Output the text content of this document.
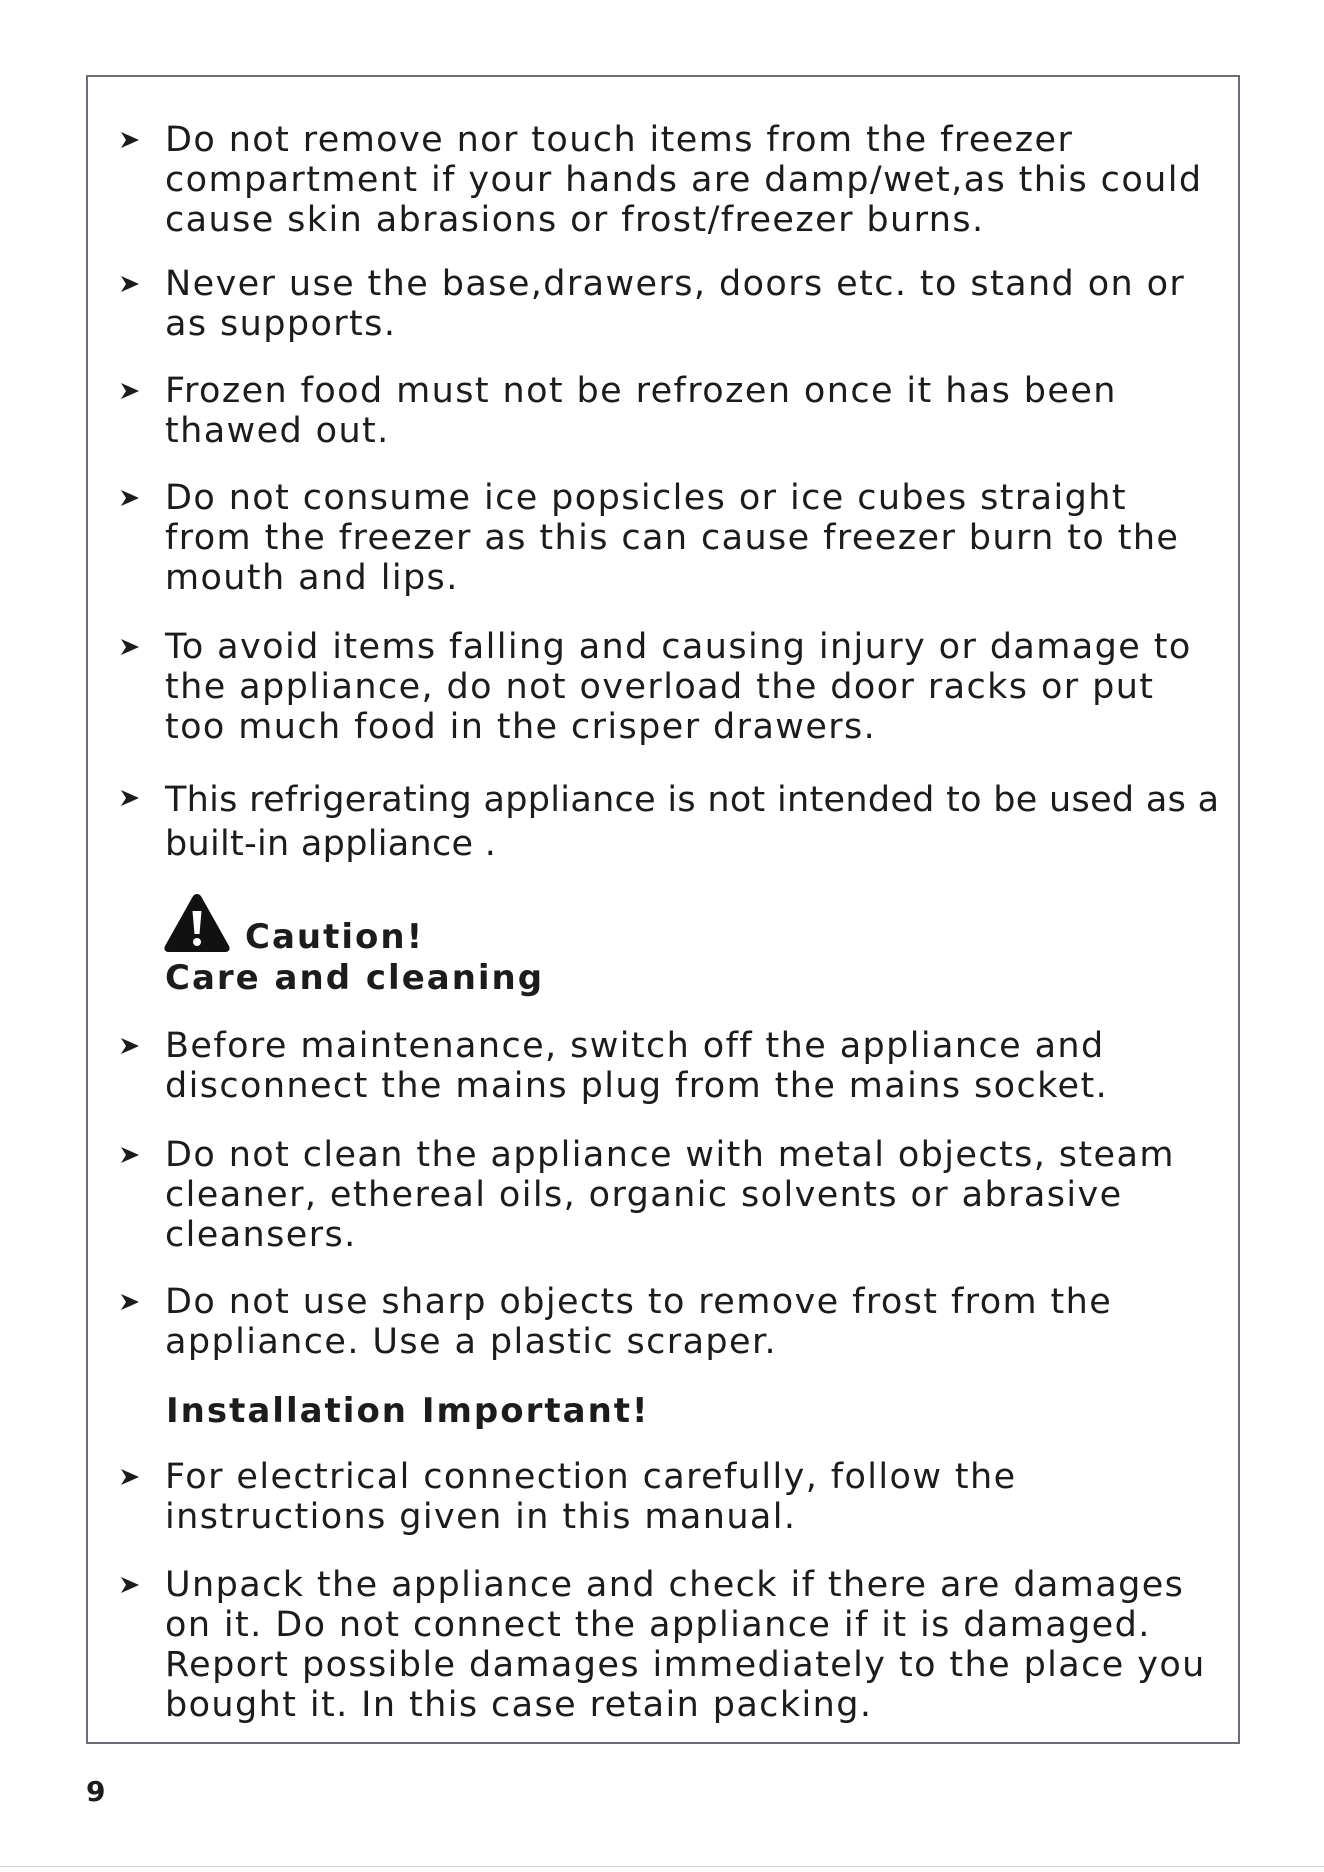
Do not remove nor touch items from the freezer compartment if your hands are damp/wet,as this could cause skin abrasions or frost/freezer burns.
Never use the base,drawers, doors etc. to stand on or as supports.
Frozen food must not be refrozen once it has been thawed out.
Do not consume ice popsicles or ice cubes straight from the freezer as this can cause freezer burn to the mouth and lips.
To avoid items falling and causing injury or damage to the appliance, do not overload the door racks or put too much food in the crisper drawers.
This refrigerating appliance is not intended to be used as a built-in appliance .
Caution!
Care and cleaning
Before maintenance, switch off the appliance and disconnect the mains plug from the mains socket.
Do not clean the appliance with metal objects, steam cleaner, ethereal oils, organic solvents or abrasive cleansers.
Do not use sharp objects to remove frost from the appliance. Use a plastic scraper.
Installation Important!
For electrical connection carefully, follow the instructions given in this manual.
Unpack the appliance and check if there are damages on it. Do not connect the appliance if it is damaged. Report possible damages immediately to the place you bought it. In this case retain packing.
9
